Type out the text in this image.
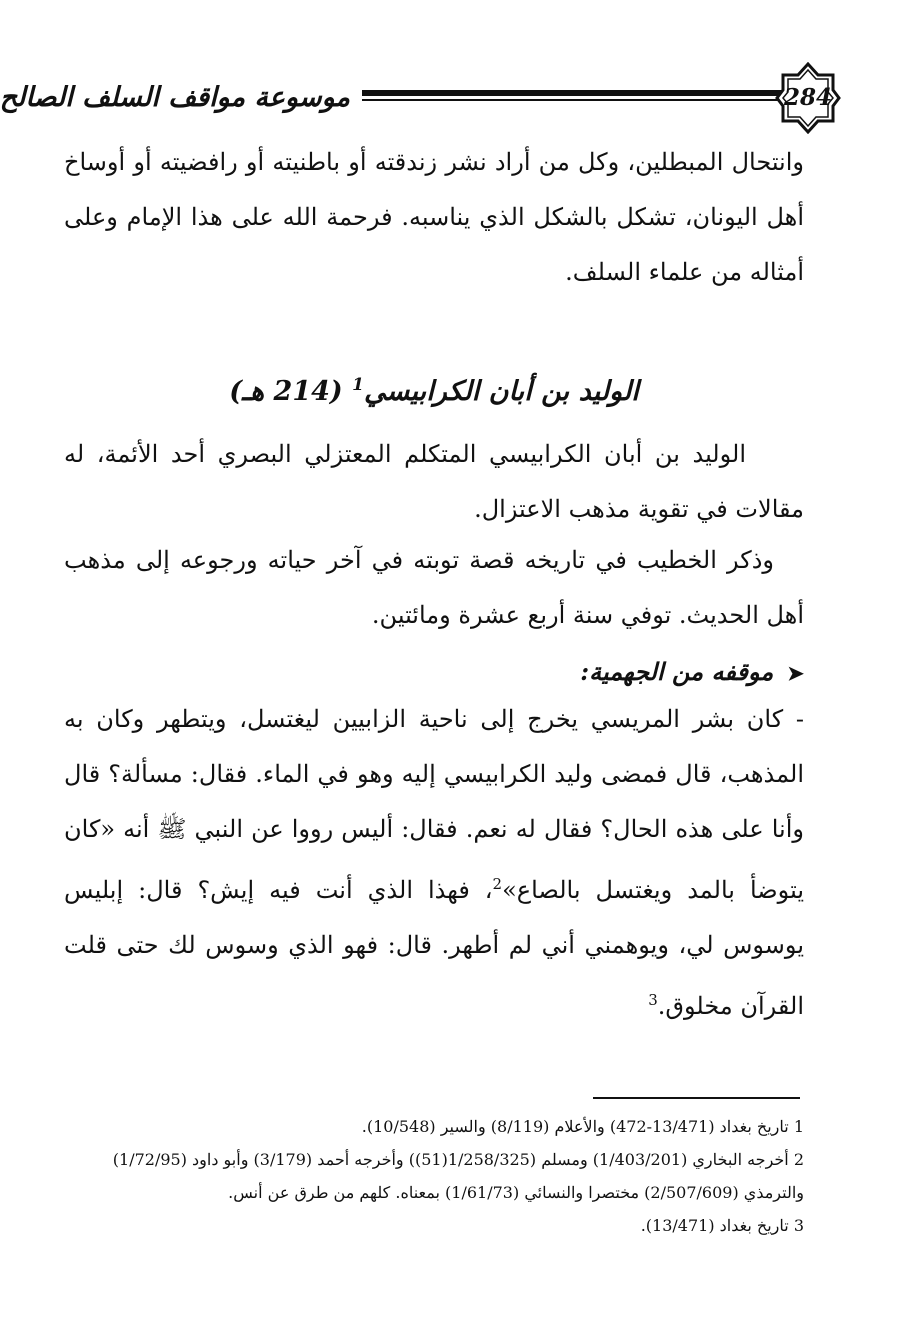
موسوعة مواقف السلف الصالح	284
وانتحال المبطلين، وكل من أراد نشر زندقته أو باطنيته أو رافضيته أو أوساخ أهل اليونان، تشكل بالشكل الذي يناسبه. فرحمة الله على هذا الإمام وعلى أمثاله من علماء السلف.
الوليد بن أبان الكرابيسي$^1$ (214 هـ)
الوليد بن أبان الكرابيسي المتكلم المعتزلي البصري أحد الأئمة، له مقالات في تقوية مذهب الاعتزال.
وذكر الخطيب في تاريخه قصة توبته في آخر حياته ورجوعه إلى مذهب أهل الحديث. توفي سنة أربع عشرة ومائتين.
➤موقفه من الجهمية:
- كان بشر المريسي يخرج إلى ناحية الزابيين ليغتسل، ويتطهر وكان به المذهب، قال فمضى وليد الكرابيسي إليه وهو في الماء. فقال: مسألة؟ قال وأنا على هذه الحال؟ فقال له نعم. فقال: أليس رووا عن النبي ﷺ أنه «كان يتوضأ بالمد ويغتسل بالصاع»$^2$، فهذا الذي أنت فيه إيش؟ قال: إبليس يوسوس لي، ويوهمني أني لم أطهر. قال: فهو الذي وسوس لك حتى قلت القرآن مخلوق.$^3$

1 تاريخ بغداد (13/471-472) والأعلام (8/119) والسير (10/548).

2 أخرجه البخاري (1/403/201) ومسلم (1/258/325(51)) وأخرجه أحمد (3/179) وأبو داود (1/72/95) والترمذي (2/507/609) مختصرا والنسائي (1/61/73) بمعناه. كلهم من طرق عن أنس.

3 تاريخ بغداد (13/471).
